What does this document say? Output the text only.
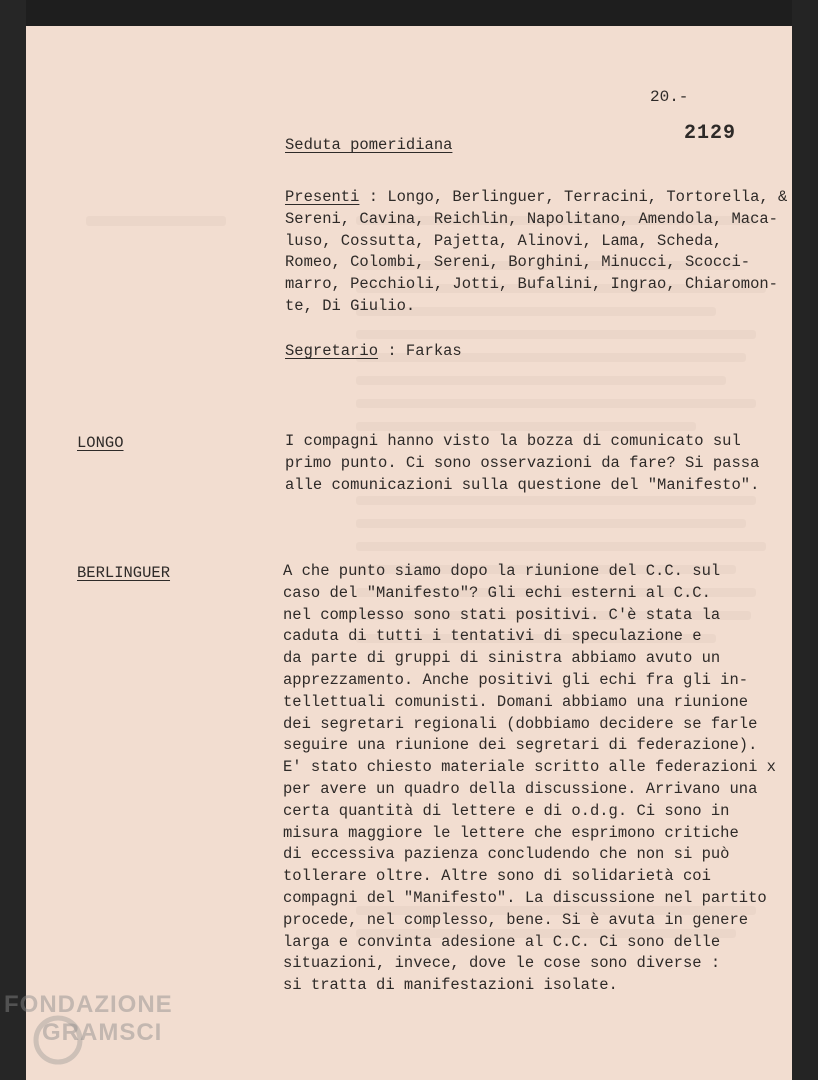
20.-
2129
Seduta pomeridiana
Presenti : Longo, Berlinguer, Terracini, Tortorella, &
Sereni, Cavina, Reichlin, Napolitano, Amendola, Maca-
luso, Cossutta, Pajetta, Alinovi, Lama, Scheda,
Romeo, Colombi, Sereni, Borghini, Minucci, Scocci-
marro, Pecchioli, Jotti, Bufalini, Ingrao, Chiaromon-
te, Di Giulio.
Segretario : Farkas
LONGO	I compagni hanno visto la bozza di comunicato sul
primo punto. Ci sono osservazioni da fare? Si passa
alle comunicazioni sulla questione del "Manifesto".
BERLINGUER	A che punto siamo dopo la riunione del C.C. sul
caso del "Manifesto"? Gli echi esterni al C.C.
nel complesso sono stati positivi. C'è stata la
caduta di tutti i tentativi di speculazione e
da parte di gruppi di sinistra abbiamo avuto un
apprezzamento. Anche positivi gli echi fra gli in-
tellettuali comunisti. Domani abbiamo una riunione
dei segretari regionali (dobbiamo decidere se farle
seguire una riunione dei segretari di federazione).
E' stato chiesto materiale scritto alle federazioni x
per avere un quadro della discussione. Arrivano una
certa quantità di lettere e di o.d.g. Ci sono in
misura maggiore le lettere che esprimono critiche
di eccessiva pazienza concludendo che non si può
tollerare oltre. Altre sono di solidarietà coi
compagni del "Manifesto". La discussione nel partito
procede, nel complesso, bene. Si è avuta in genere
larga e convinta adesione al C.C. Ci sono delle
situazioni, invece, dove le cose sono diverse :
si tratta di manifestazioni isolate.
FONDAZIONE
GRAMSCI
